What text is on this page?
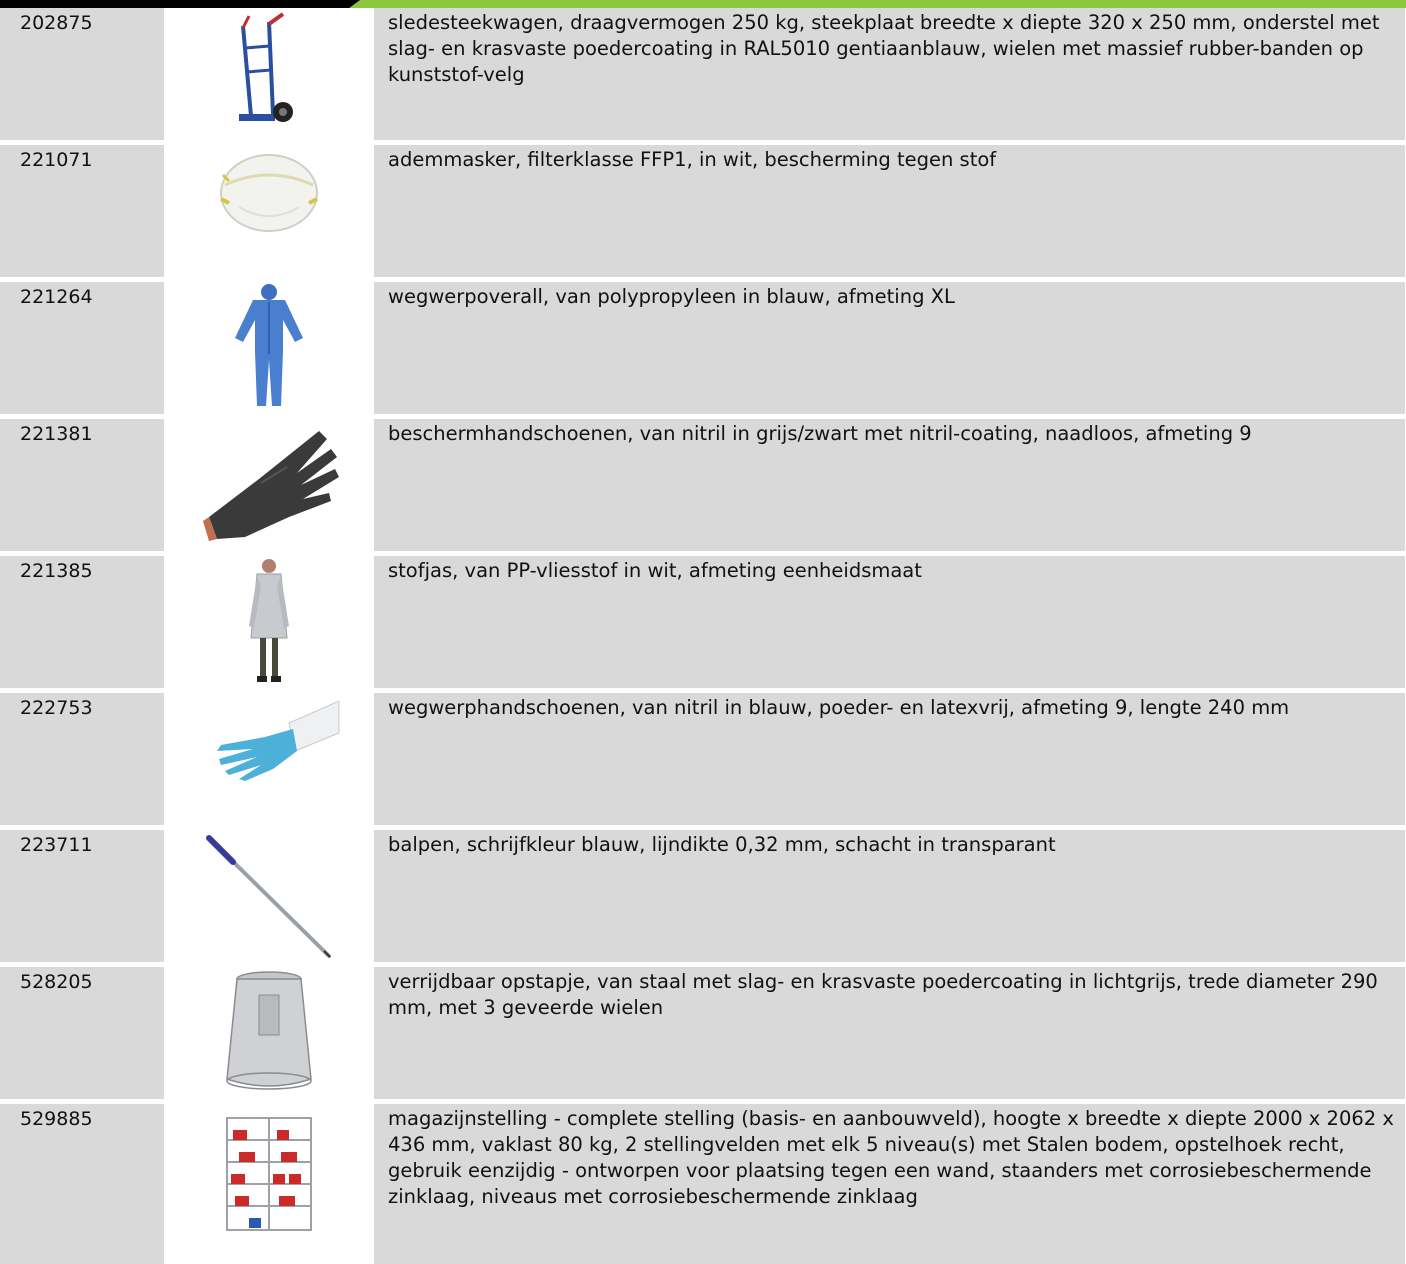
202875	sledesteekwagen, draagvermogen 250 kg, steekplaat breedte x diepte 320 x 250 mm, onderstel met slag- en krasvaste poedercoating in RAL5010 gentiaanblauw, wielen met massief rubber-banden op kunststof-velg
221071	ademmasker, filterklasse FFP1, in wit, bescherming tegen stof
221264	wegwerpoverall, van polypropyleen in blauw, afmeting XL
221381	beschermhandschoenen, van nitril in grijs/zwart met nitril-coating, naadloos, afmeting 9
221385	stofjas, van PP-vliesstof in wit, afmeting eenheidsmaat
222753	wegwerphandschoenen, van nitril in blauw, poeder- en latexvrij, afmeting 9, lengte 240 mm
223711	balpen, schrijfkleur blauw, lijndikte 0,32 mm, schacht in transparant
528205	verrijdbaar opstapje, van staal met slag- en krasvaste poedercoating in lichtgrijs, trede diameter 290 mm, met 3 geveerde wielen
529885	magazijnstelling - complete stelling (basis- en aanbouwveld), hoogte x breedte x diepte 2000 x 2062 x 436 mm, vaklast 80 kg, 2 stellingvelden met elk 5 niveau(s) met Stalen bodem, opstelhoek recht, gebruik eenzijdig - ontworpen voor plaatsing tegen een wand, staanders met corrosiebeschermende zinklaag, niveaus met corrosiebeschermende zinklaag
